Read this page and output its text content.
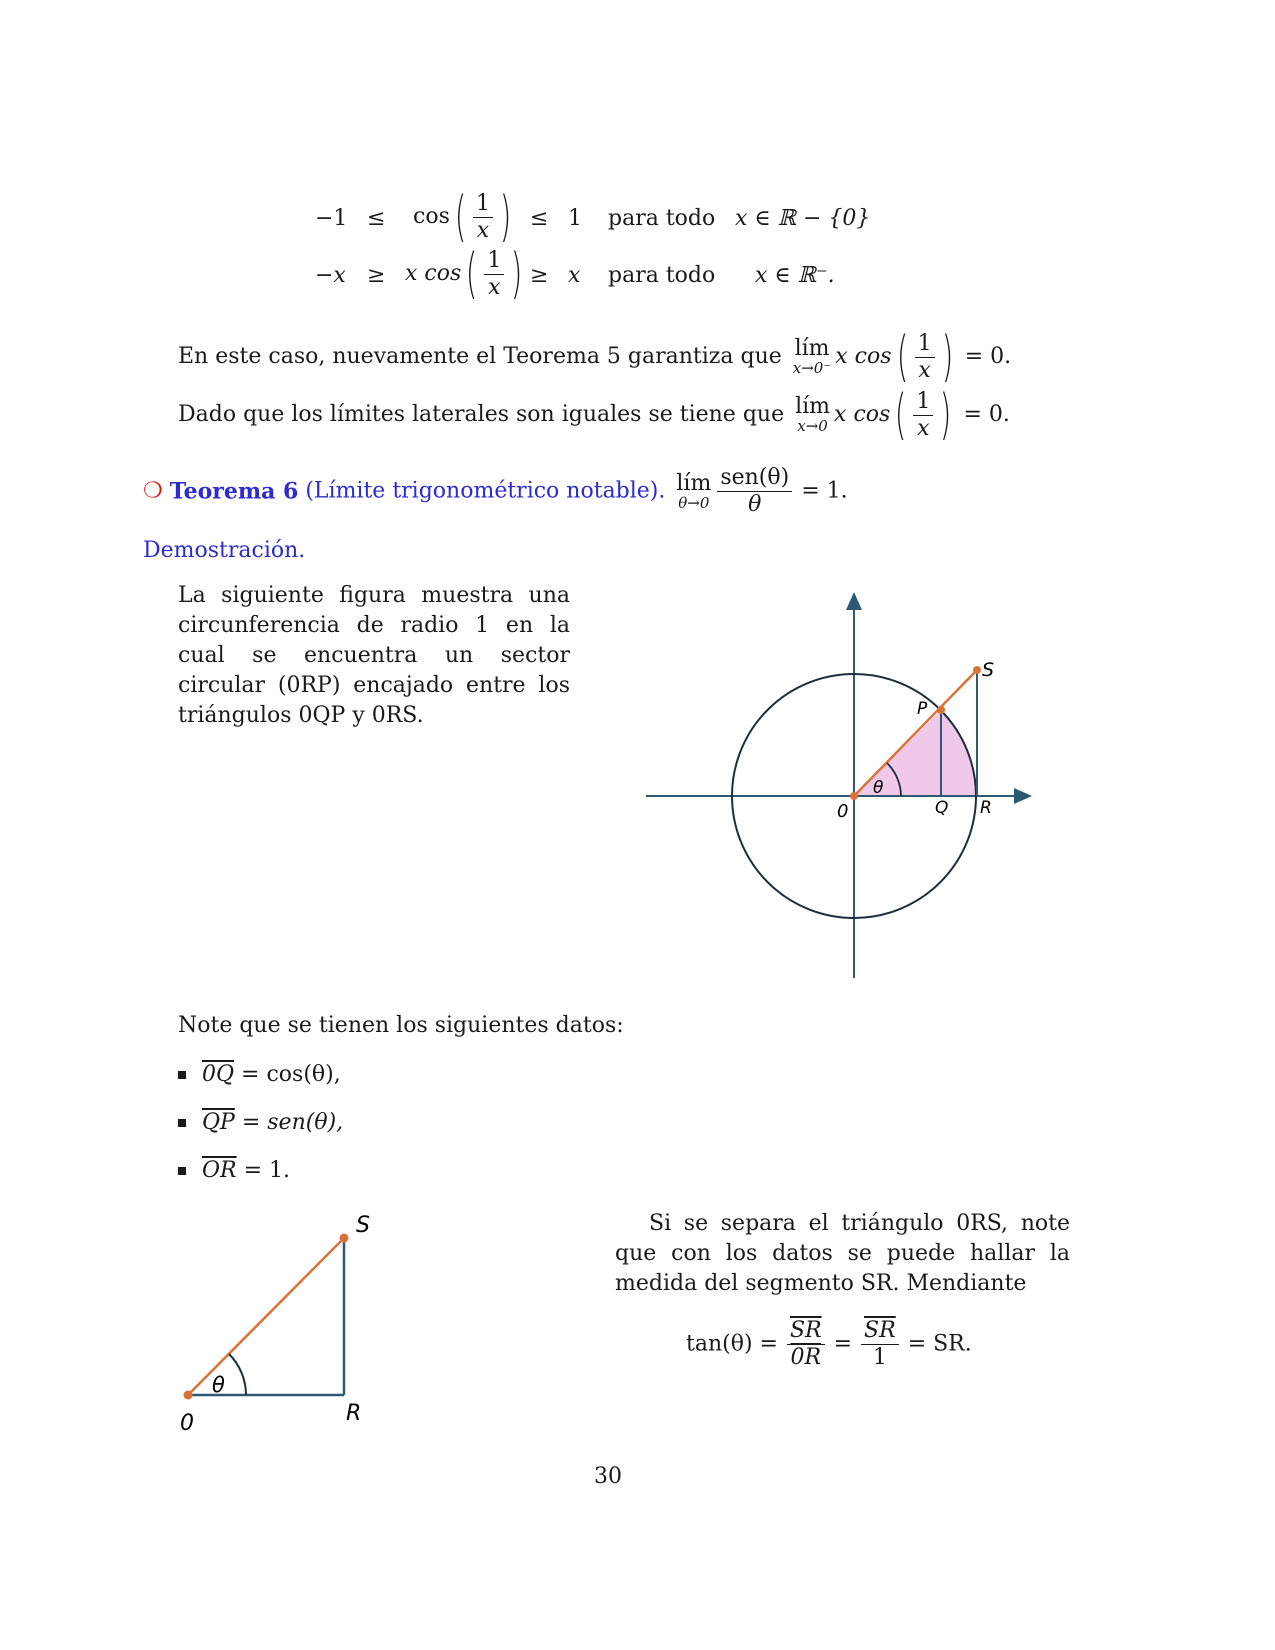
$-1 \le \cos( \frac{1}{x}$ ) ≤ 1 para todo x ∈ ℝ − {0}
−x ≥ x $\cos( \frac{1}{x}$ ) ≥ x para todo x ∈ ℝ⁻.
En este caso, nuevamente el Teorema 5 garantiza que lím
x→0⁻ x $\cos( \frac{1}{x}$ ) = 0.
Dado que los límites laterales son iguales se tiene que lím
x→0 x $\cos( \frac{1}{x}$ ) = 0.
❍ Teorema 6 (Límite trigonométrico notable). lím
$\theta\to 0 \frac{\text{sen(θ)}}{\theta} = 1$.
Demostración.
La siguiente figura muestra una circunferencia de radio 1 en la cual se encuentra un sector circular (0RP) encajado entre los triángulos 0QP y 0RS.
S
P
θ
0	Q R
Note que se tienen los siguientes datos:
0Q = cos(θ),
$\overline{QP} = sen(\theta)$,
$\overline{OR} = 1$.
S
θ
0	R
Si se separa el triángulo 0RS, note que con los datos se puede hallar la medida del segmento SR. Mendiante
$\tan(\theta) = \frac{\overline{SR}}{0R} = \frac{\overline{SR}}{1}$ = SR.
30
